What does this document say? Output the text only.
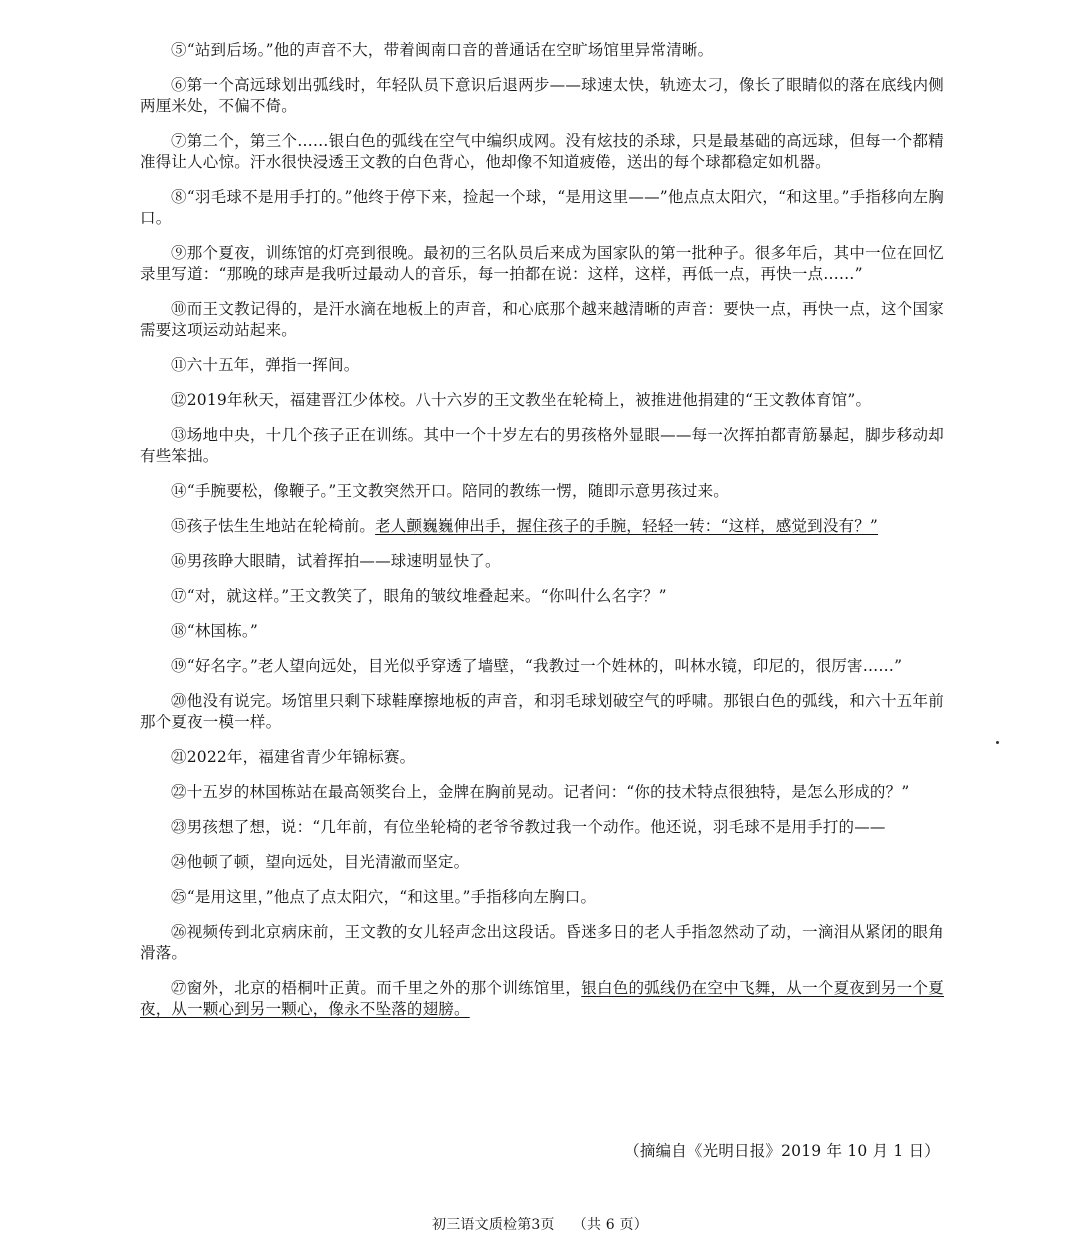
⑤“站到后场。”他的声音不大，带着闽南口音的普通话在空旷场馆里异常清晰。

⑥第一个高远球划出弧线时，年轻队员下意识后退两步——球速太快，轨迹太刁，像长了眼睛似的落在底线内侧两厘米处，不偏不倚。

⑦第二个，第三个……银白色的弧线在空气中编织成网。没有炫技的杀球，只是最基础的高远球，但每一个都精准得让人心惊。汗水很快浸透王文教的白色背心，他却像不知道疲倦，送出的每个球都稳定如机器。

⑧“羽毛球不是用手打的。”他终于停下来，捡起一个球，“是用这里——”他点点太阳穴，“和这里。”手指移向左胸口。

⑨那个夏夜，训练馆的灯亮到很晚。最初的三名队员后来成为国家队的第一批种子。很多年后，其中一位在回忆录里写道：“那晚的球声是我听过最动人的音乐，每一拍都在说：这样，这样，再低一点，再快一点……”

⑩而王文教记得的，是汗水滴在地板上的声音，和心底那个越来越清晰的声音：要快一点，再快一点，这个国家需要这项运动站起来。

⑪六十五年，弹指一挥间。

⑫2019年秋天，福建晋江少体校。八十六岁的王文教坐在轮椅上，被推进他捐建的“王文教体育馆”。

⑬场地中央，十几个孩子正在训练。其中一个十岁左右的男孩格外显眼——每一次挥拍都青筋暴起，脚步移动却有些笨拙。

⑭“手腕要松，像鞭子。”王文教突然开口。陪同的教练一愣，随即示意男孩过来。

⑮孩子怯生生地站在轮椅前。老人颤巍巍伸出手，握住孩子的手腕，轻轻一转：“这样，感觉到没有？”

⑯男孩睁大眼睛，试着挥拍——球速明显快了。

⑰“对，就这样。”王文教笑了，眼角的皱纹堆叠起来。“你叫什么名字？”

⑱“林国栋。”

⑲“好名字。”老人望向远处，目光似乎穿透了墙壁，“我教过一个姓林的，叫林水镜，印尼的，很厉害……”

⑳他没有说完。场馆里只剩下球鞋摩擦地板的声音，和羽毛球划破空气的呼啸。那银白色的弧线，和六十五年前那个夏夜一模一样。

㉑2022年，福建省青少年锦标赛。

㉒十五岁的林国栋站在最高领奖台上，金牌在胸前晃动。记者问：“你的技术特点很独特，是怎么形成的？”

㉓男孩想了想，说：“几年前，有位坐轮椅的老爷爷教过我一个动作。他还说，羽毛球不是用手打的——

㉔他顿了顿，望向远处，目光清澈而坚定。

㉕“是用这里，”他点了点太阳穴，“和这里。”手指移向左胸口。

㉖视频传到北京病床前，王文教的女儿轻声念出这段话。昏迷多日的老人手指忽然动了动，一滴泪从紧闭的眼角滑落。

㉗窗外，北京的梧桐叶正黄。而千里之外的那个训练馆里，银白色的弧线仍在空中飞舞，从一个夏夜到另一个夏夜，从一颗心到另一颗心，像永不坠落的翅膀。

（摘编自《光明日报》2019 年 10 月 1 日）
初三语文质检第3页 （共 6 页）
